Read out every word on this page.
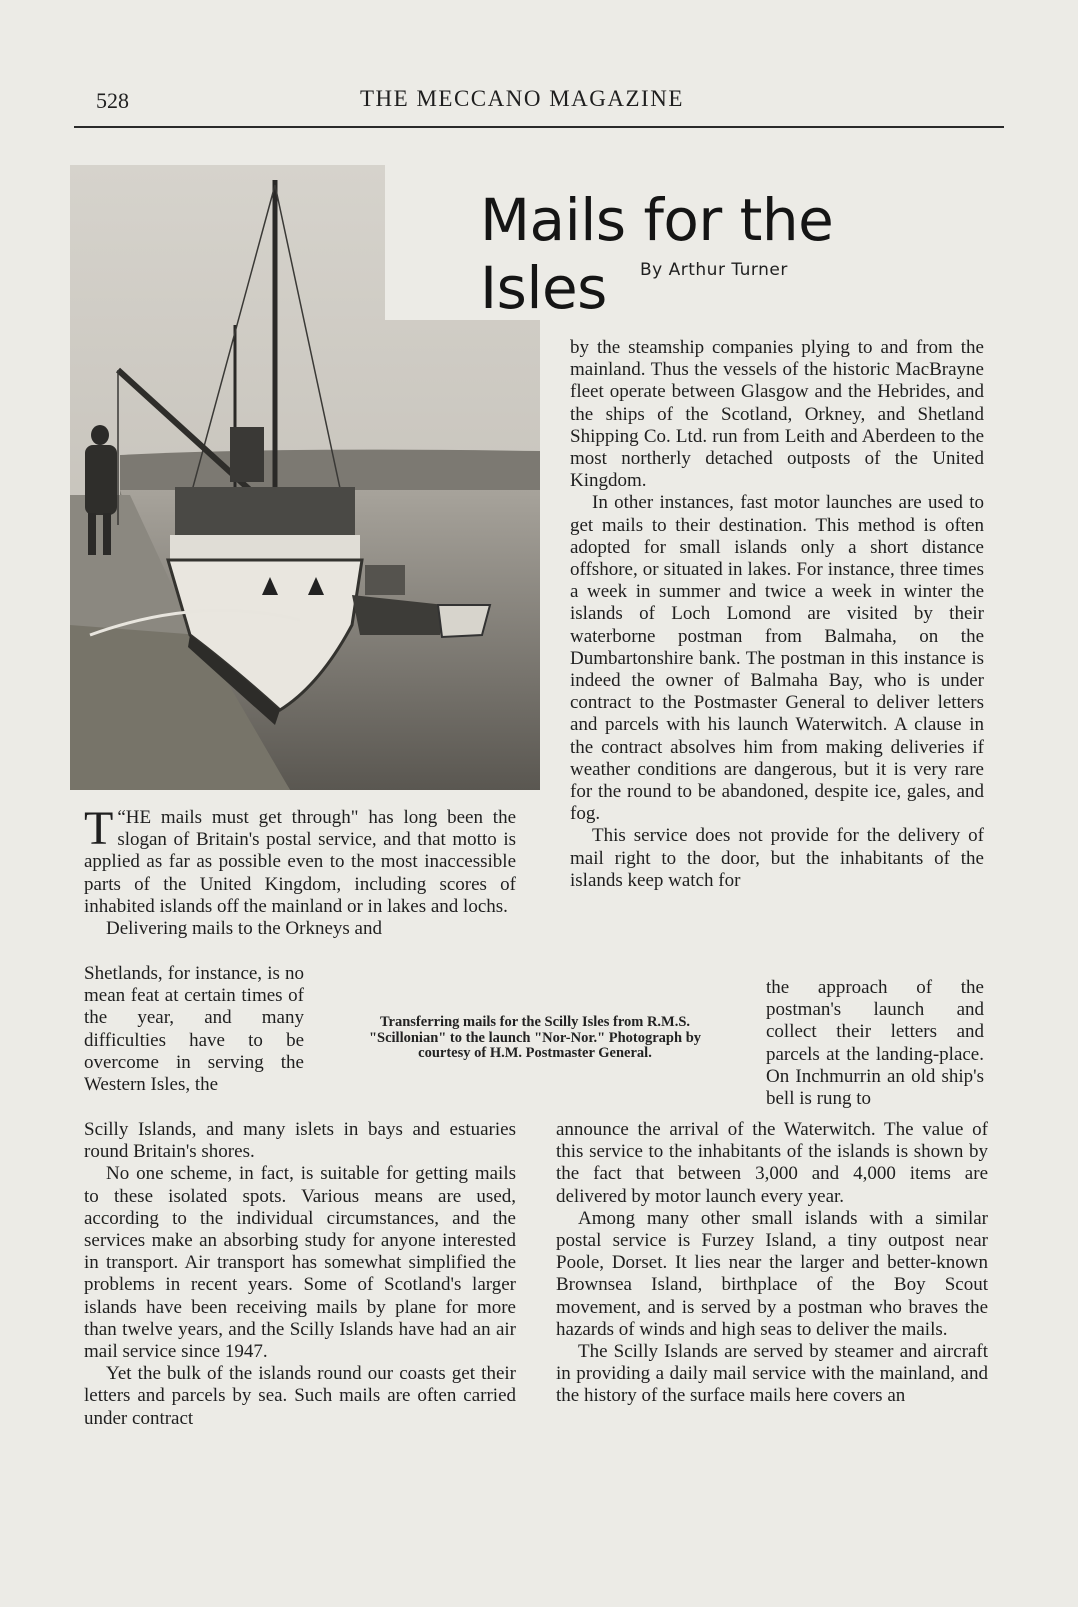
528	THE MECCANO MAGAZINE
Mails for the Isles	By Arthur Turner

“
T HE mails must get through" has long been the slogan of Britain's postal service, and that motto is applied as far as possible even to the most inaccessible parts of the United Kingdom, including scores of inhabited islands off the mainland or in lakes and lochs.

Delivering mails to the Orkneys and

Shetlands, for instance, is no mean feat at certain times of the year, and many difficulties have to be overcome in serving the Western Isles, the

Scilly Islands, and many islets in bays and estuaries round Britain's shores.

No one scheme, in fact, is suitable for getting mails to these isolated spots. Various means are used, according to the individual circumstances, and the services make an absorbing study for anyone interested in transport. Air transport has somewhat simplified the problems in recent years. Some of Scotland's larger islands have been receiving mails by plane for more than twelve years, and the Scilly Islands have had an air mail service since 1947.

Yet the bulk of the islands round our coasts get their letters and parcels by sea. Such mails are often carried under contract

Transferring mails for the Scilly Isles from R.M.S. "Scillonian" to the launch "Nor-Nor." Photograph by courtesy of H.M. Postmaster General.

by the steamship companies plying to and from the mainland. Thus the vessels of the historic MacBrayne fleet operate between Glasgow and the Hebrides, and the ships of the Scotland, Orkney, and Shetland Shipping Co. Ltd. run from Leith and Aberdeen to the most northerly detached outposts of the United Kingdom.

In other instances, fast motor launches are used to get mails to their destination. This method is often adopted for small islands only a short distance offshore, or situated in lakes. For instance, three times a week in summer and twice a week in winter the islands of Loch Lomond are visited by their waterborne postman from Balmaha, on the Dumbartonshire bank. The postman in this instance is indeed the owner of Balmaha Bay, who is under contract to the Postmaster General to deliver letters and parcels with his launch Waterwitch. A clause in the contract absolves him from making deliveries if weather conditions are dangerous, but it is very rare for the round to be abandoned, despite ice, gales, and fog.

This service does not provide for the delivery of mail right to the door, but the inhabitants of the islands keep watch for

the approach of the postman's launch and collect their letters and parcels at the landing-place. On Inchmurrin an old ship's bell is rung to

announce the arrival of the Waterwitch. The value of this service to the inhabitants of the islands is shown by the fact that between 3,000 and 4,000 items are delivered by motor launch every year.

Among many other small islands with a similar postal service is Furzey Island, a tiny outpost near Poole, Dorset. It lies near the larger and better-known Brownsea Island, birthplace of the Boy Scout movement, and is served by a postman who braves the hazards of winds and high seas to deliver the mails.

The Scilly Islands are served by steamer and aircraft in providing a daily mail service with the mainland, and the history of the surface mails here covers an
